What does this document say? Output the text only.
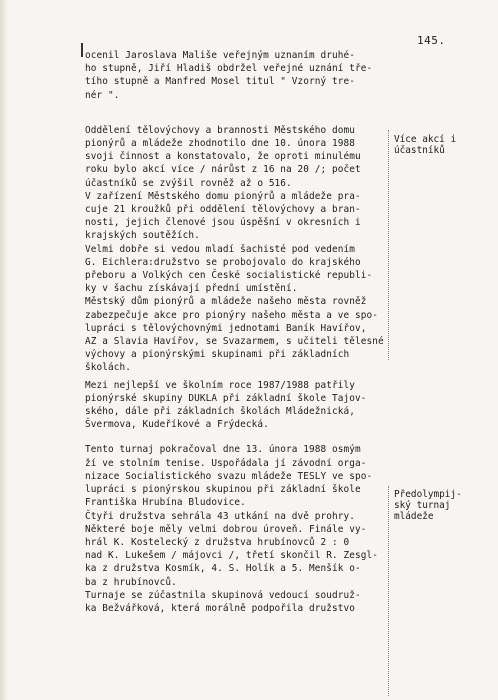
145.

ocenil Jaroslava Mališe veřejným uznaním druhé-

ho stupně, Jiří Hladiš obdržel veřejné uznání tře-

tího stupně a Manfred Mosel titul " Vzorný tre-

nér ".

Oddělení tělovýchovy a brannosti Městského domu

pionýrů a mládeže zhodnotilo dne 10. února 1988

svoji činnost a konstatovalo, že oproti minulému

roku bylo akcí více / nárůst z 16 na 20 /; počet

účastníků se zvýšil rovněž až o 516.

V zařízení Městského domu pionýrů a mládeže pra-

cuje 21 kroužků při oddělení tělovýchovy a bran-

nosti, jejich členové jsou úspěšní v okresních i

krajských soutěžích.

Velmi dobře si vedou mladí šachisté pod vedením

G. Eichlera:družstvo se probojovalo do krajského

přeboru a Volkých cen České socialistické republi-

ky v šachu získávají přední umístění.

Městský dům pionýrů a mládeže našeho města rovněž

zabezpečuje akce pro pionýry našeho města a ve spo-

lupráci s tělovýchovnými jednotami Baník Havířov,

AZ a Slavia Havířov, se Svazarmem, s učiteli tělesné

výchovy a pionýrskými skupinami při základních

školách.

Mezi nejlepší ve školním roce 1987/1988 patřily

pionýrské skupiny DUKLA při základní škole Tajov-

ského, dále při základních školách Mládežnická,

Švermova, Kudeříkové a Frýdecká.

Tento turnaj pokračoval dne 13. února 1988 osmým

ží ve stolním tenise. Uspořádala jí závodní orga-

nizace Socialistického svazu mládeže TESLY ve spo-

lupráci s pionýrskou skupinou při základní škole

Františka Hrubína Bludovice.

Čtyři družstva sehrála 43 utkání na dvě prohry.

Některé boje měly velmi dobrou úroveň. Finále vy-

hrál K. Kostelecký z družstva hrubínovců 2 : 0

nad K. Lukešem / májovci /, třetí skončil R. Zesgl-

ka z družstva Kosmík, 4. S. Holík a 5. Menšík o-

ba z hrubínovců.

Turnaje se zúčastnila skupinová vedoucí soudruž-

ka Bežvářková, která morálně podpořila družstvo

Více akcí i
účastníků

Předolympij-
ský turnaj
mládeže
